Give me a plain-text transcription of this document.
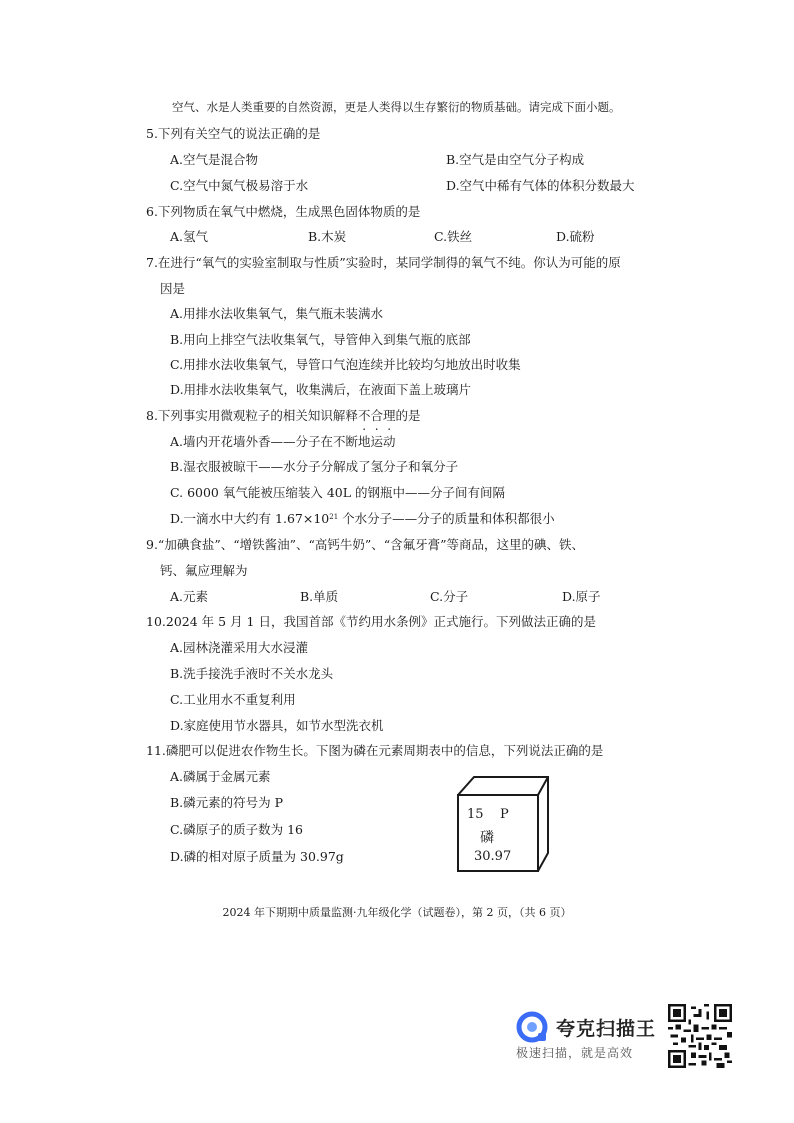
空气、水是人类重要的自然资源，更是人类得以生存繁衍的物质基础。请完成下面小题。
5.下列有关空气的说法正确的是
A.空气是混合物	B.空气是由空气分子构成
C.空气中氮气极易溶于水	D.空气中稀有气体的体积分数最大
6.下列物质在氧气中燃烧，生成黑色固体物质的是
A.氢气	B.木炭	C.铁丝	D.硫粉
7.在进行“氧气的实验室制取与性质”实验时，某同学制得的氧气不纯。你认为可能的原
因是
A.用排水法收集氧气，集气瓶未装满水
B.用向上排空气法收集氧气，导管伸入到集气瓶的底部
C.用排水法收集氧气，导管口气泡连续并比较均匀地放出时收集
D.用排水法收集氧气，收集满后，在液面下盖上玻璃片
8.下列事实用微观粒子的相关知识解释不合理的是
A.墙内开花墙外香——分子在不断地运动
B.湿衣服被晾干——水分子分解成了氢分子和氧分子
C. 6000 氧气能被压缩装入 40L 的钢瓶中——分子间有间隔
D.一滴水中大约有 $1.67\times 10^{21}$ 个水分子——分子的质量和体积都很小
9.“加碘食盐”、“增铁酱油”、“高钙牛奶”、“含氟牙膏”等商品，这里的碘、铁、
钙、氟应理解为
A.元素	B.单质	C.分子	D.原子
10.2024 年 5 月 1 日，我国首部《节约用水条例》正式施行。下列做法正确的是
A.园林浇灌采用大水浸灌
B.洗手接洗手液时不关水龙头
C.工业用水不重复利用
D.家庭使用节水器具，如节水型洗衣机
11.磷肥可以促进农作物生长。下图为磷在元素周期表中的信息，下列说法正确的是
A.磷属于金属元素
B.磷元素的符号为 P
C.磷原子的质子数为 16
D.磷的相对原子质量为 30.97g
15 P
磷
30.97
2024 年下期期中质量监测·九年级化学（试题卷），第 2 页，（共 6 页）
夸克扫描王
极速扫描，就是高效
